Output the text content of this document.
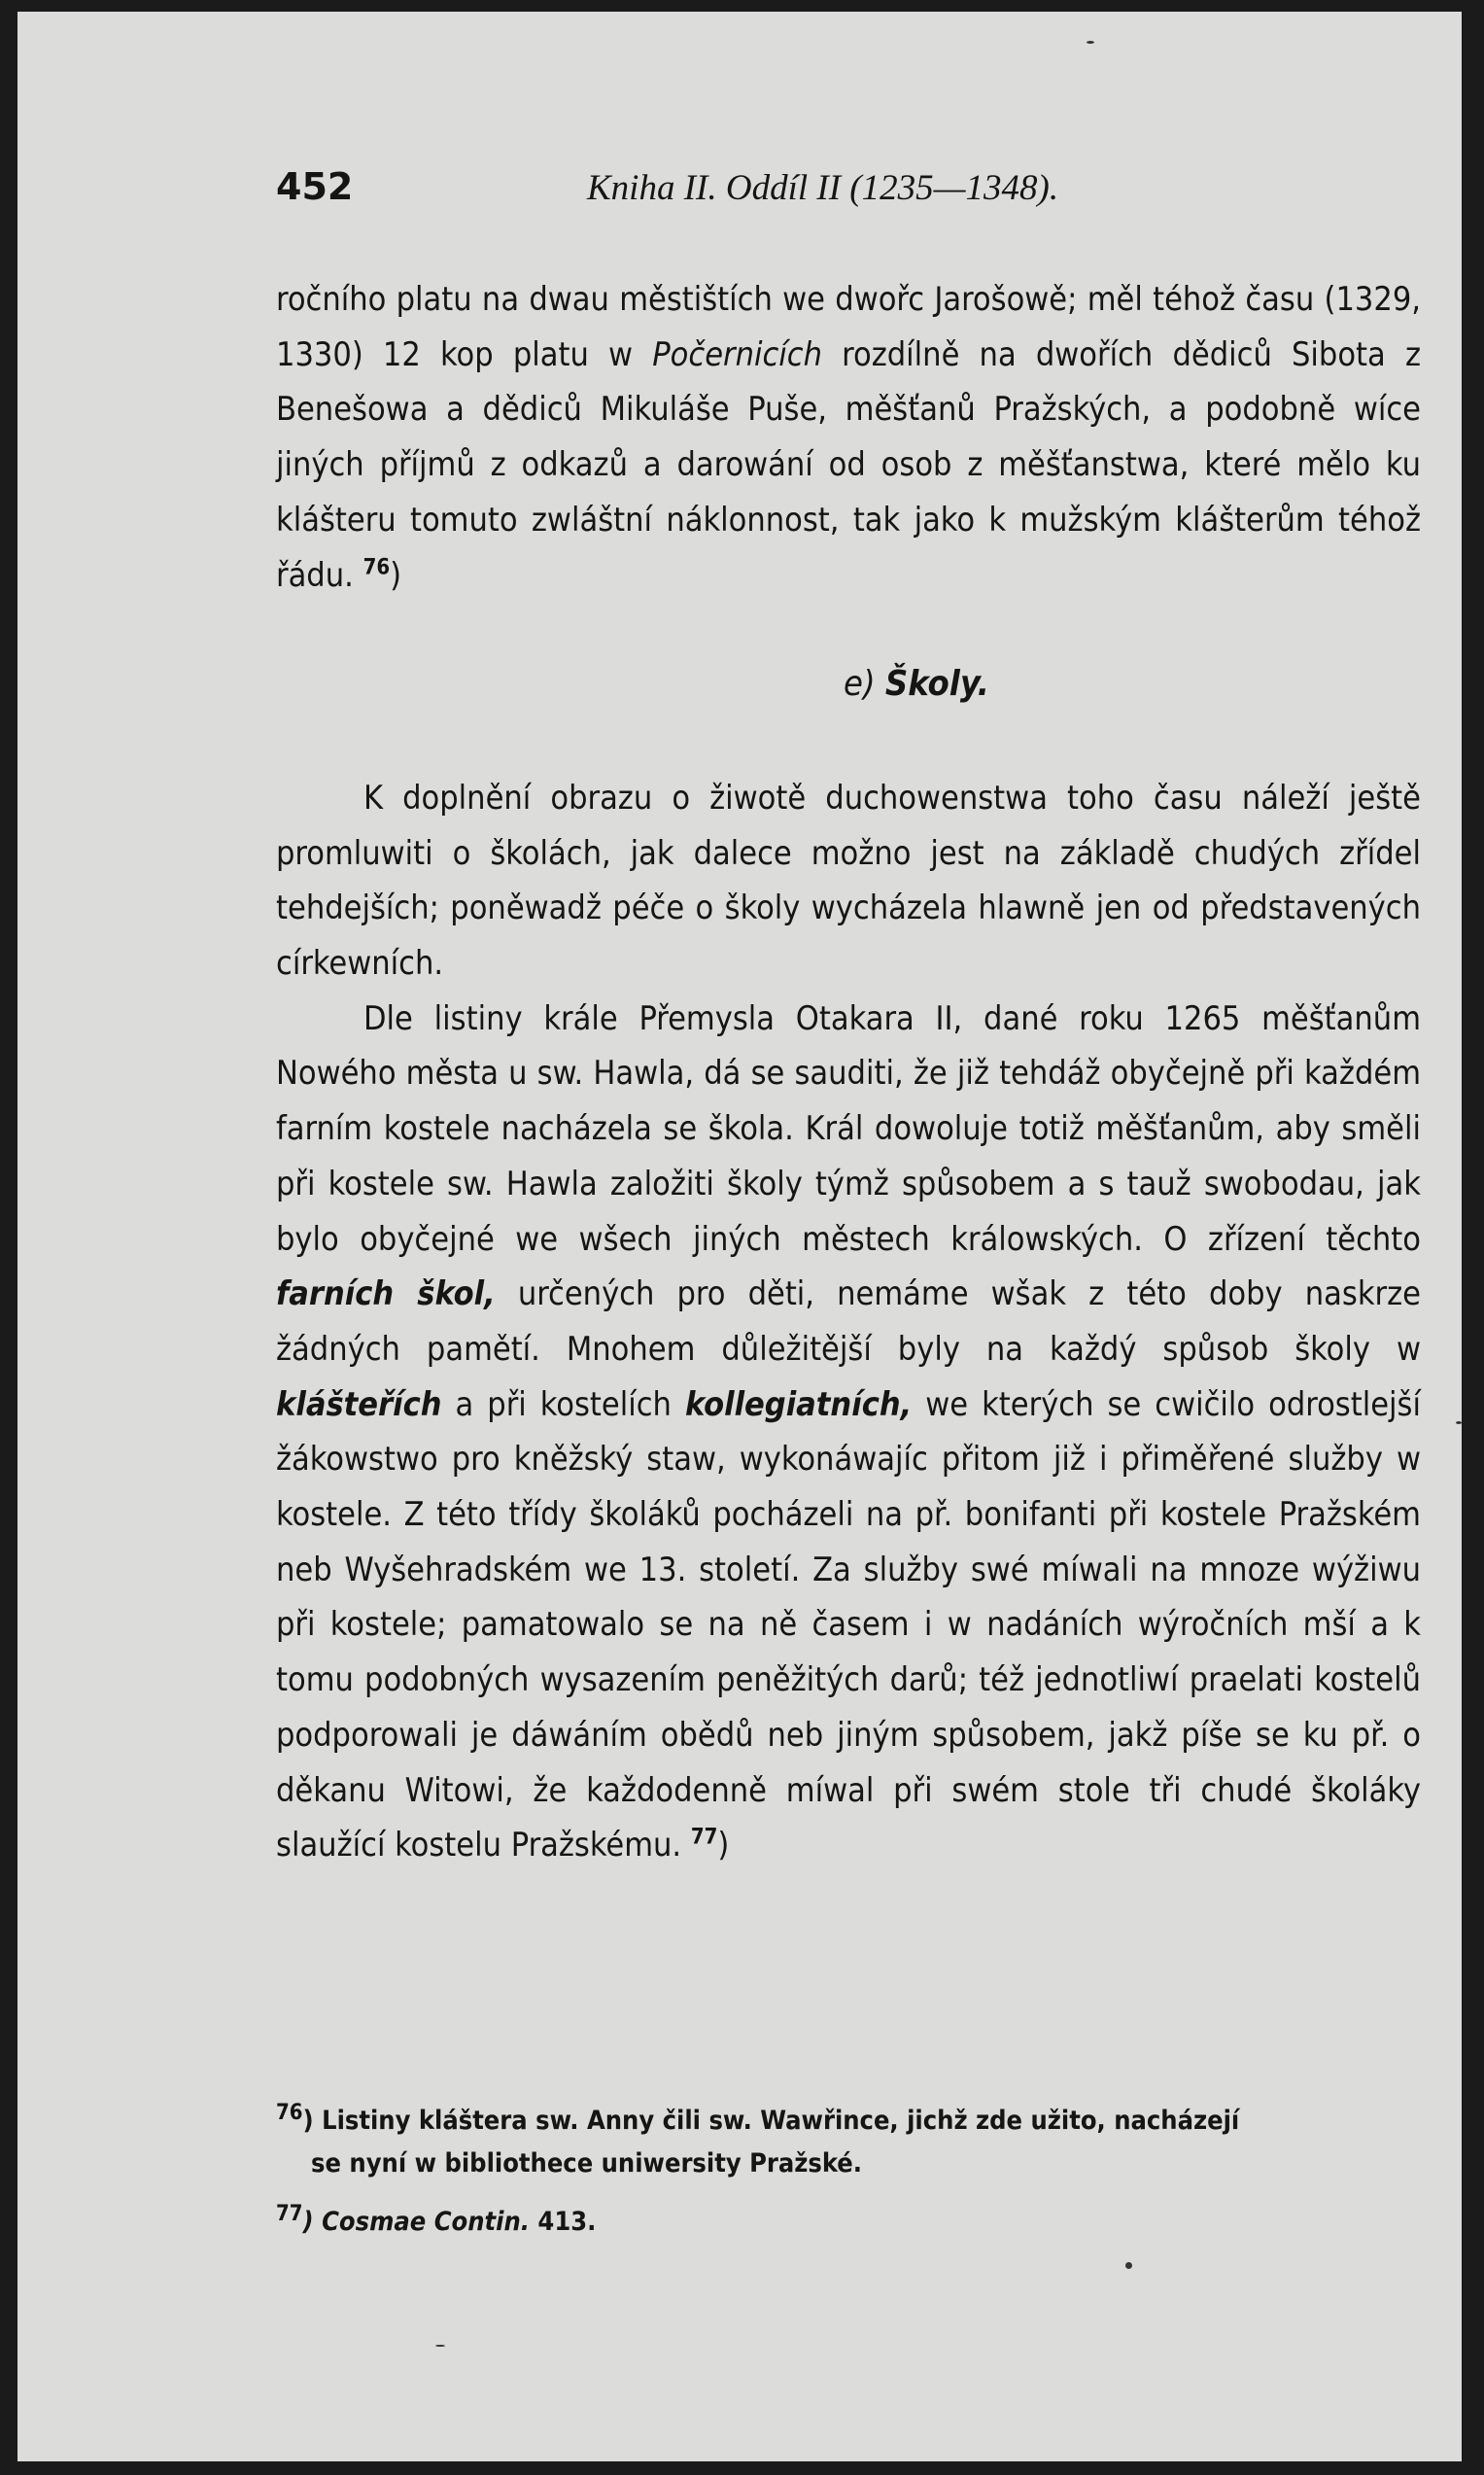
452	Kniha II. Oddíl II (1235—1348).

ročního platu na dwau městištích we dwořc Jarošowě; měl téhož času (1329, 1330) 12 kop platu w Počernicích rozdílně na dwořích dědiců Sibota z Benešowa a dědiců Mikuláše Puše, měšťanů Pražských, a podobně wíce jiných příjmů z odkazů a darowání od osob z měšťanstwa, které mělo ku klášteru tomuto zwláštní náklonnost, tak jako k mužským klášterům téhož řádu. $^{76}$)

e) Školy.

K doplnění obrazu o žiwotě duchowenstwa toho času náleží ještě promluwiti o školách, jak dalece možno jest na základě chudých zřídel tehdejších; poněwadž péče o školy wycházela hlawně jen od představených církewních.

Dle listiny krále Přemysla Otakara II, dané roku 1265 měšťanům Nowého města u sw. Hawla, dá se sauditi, že již tehdáž obyčejně při každém farním kostele nacházela se škola. Král dowoluje totiž měšťanům, aby směli při kostele sw. Hawla založiti školy týmž spůsobem a s tauž swobodau, jak bylo obyčejné we wšech jiných městech králowských. O zřízení těchto farních škol, určených pro děti, nemáme wšak z této doby naskrze žádných pamětí. Mnohem důležitější byly na každý spůsob školy w klášteřích a při kostelích kollegiatních, we kterých se cwičilo odrostlejší žákowstwo pro kněžský staw, wykonáwajíc přitom již i přiměřené služby w kostele. Z této třídy školáků pocházeli na př. bonifanti při kostele Pražském neb Wyšehradském we 13. století. Za služby swé míwali na mnoze wýžiwu při kostele; pamatowalo se na ně časem i w nadáních wýročních mší a k tomu podobných wysazením peněžitých darů; též jednotliwí praelati kostelů podporowali je dáwáním obědů neb jiným spůsobem, jakž píše se ku př. o děkanu Witowi, že každodenně míwal při swém stole tři chudé školáky slaužící kostelu Pražskému. $^{77}$)

$^{76}$) Listiny kláštera sw. Anny čili sw. Wawřince, jichž zde užito, nacházejí
se nyní w bibliothece uniwersity Pražské.

$^{77}$) Cosmae Contin. 413.
